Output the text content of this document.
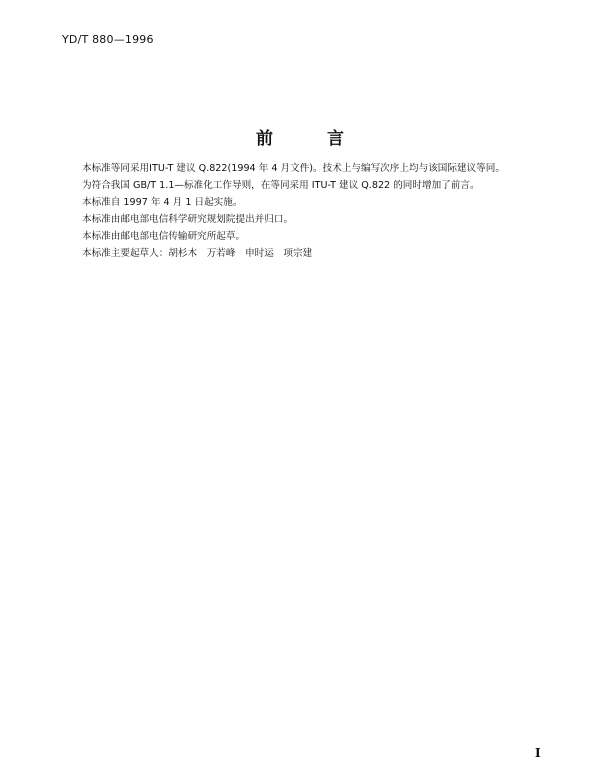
YD/T 880—1996
前	言

本标准等同采用ITU-T 建议 Q.822(1994 年 4 月文件)。技术上与编写次序上均与该国际建议等同。

为符合我国 GB/T 1.1—标准化工作导则，在等同采用 ITU-T 建议 Q.822 的同时增加了前言。

本标准自 1997 年 4 月 1 日起实施。

本标准由邮电部电信科学研究规划院提出并归口。

本标准由邮电部电信传输研究所起草。

本标准主要起草人：胡杉木　万若峰　申时运　项宗建

I
